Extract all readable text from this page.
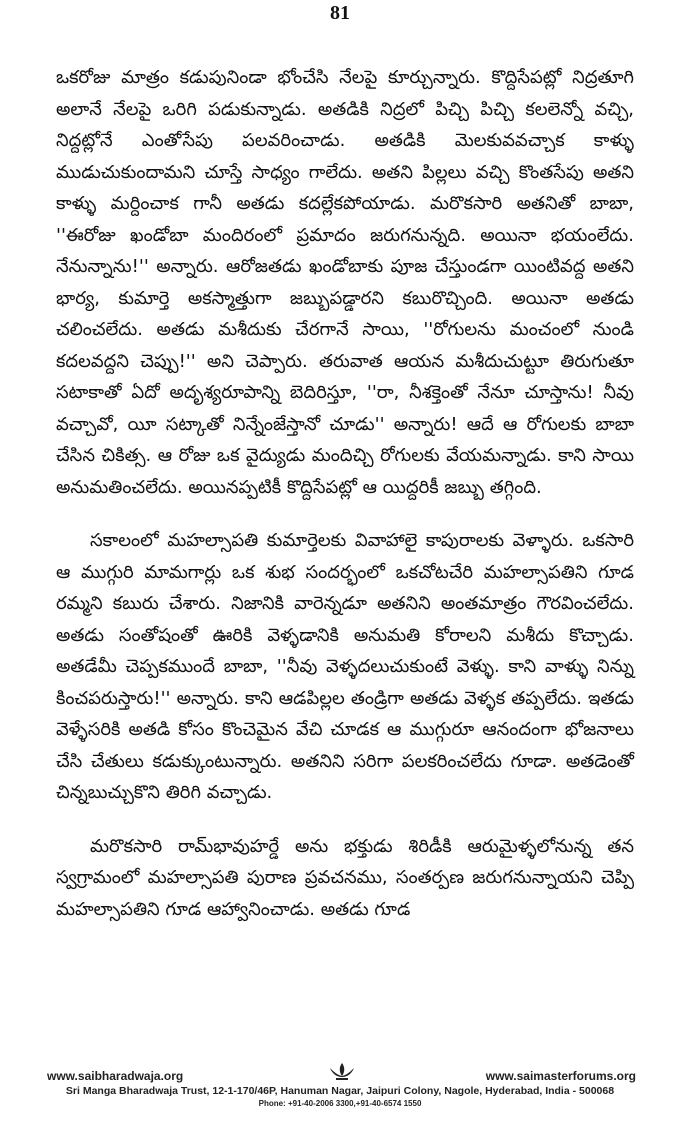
81

ఒకరోజు మాత్రం కడుపునిండా భోంచేసి నేలపై కూర్చున్నారు. కొద్దిసేపట్లో నిద్రతూగి అలానే నేలపై ఒరిగి పడుకున్నాడు. అతడికి నిద్రలో పిచ్చి పిచ్చి కలలెన్నో వచ్చి, నిద్దట్లోనే ఎంతోసేపు పలవరించాడు. అతడికి మెలకువవచ్చాక కాళ్ళు ముడుచుకుందామని చూస్తే సాధ్యం గాలేదు. అతని పిల్లలు వచ్చి కొంతసేపు అతని కాళ్ళు మర్దించాక గానీ అతడు కదల్లేకపోయాడు. మరొకసారి అతనితో బాబా, ''ఈరోజు ఖండోబా మందిరంలో ప్రమాదం జరుగనున్నది. అయినా భయంలేదు. నేనున్నాను!'' అన్నారు. ఆరోజతడు ఖండోబాకు పూజ చేస్తుండగా యింటివద్ద అతని భార్య, కుమార్తె అకస్మాత్తుగా జబ్బుపడ్డారని కబురొచ్చింది. అయినా అతడు చలించలేదు. అతడు మశీదుకు చేరగానే సాయి, ''రోగులను మంచంలో నుండి కదలవద్దని చెప్పు!'' అని చెప్పారు. తరువాత ఆయన మశీదుచుట్టూ తిరుగుతూ సటాకాతో ఏదో అదృశ్యరూపాన్ని బెదిరిస్తూ, ''రా, నీశక్తెంతో నేనూ చూస్తాను! నీవు వచ్చావో, యీ సట్కాతో నిన్నేంజేస్తానో చూడు'' అన్నారు! ఆదే ఆ రోగులకు బాబా చేసిన చికిత్స. ఆ రోజు ఒక వైద్యుడు మందిచ్చి రోగులకు వేయమన్నాడు. కాని సాయి అనుమతించలేదు. అయినప్పటికీ కొద్దిసేపట్లో ఆ యిద్దరికీ జబ్బు తగ్గింది.

సకాలంలో మహల్సాపతి కుమార్తెలకు వివాహాలై కాపురాలకు వెళ్ళారు. ఒకసారి ఆ ముగ్గురి మామగార్లు ఒక శుభ సందర్భంలో ఒకచోటచేరి మహల్సాపతిని గూడ రమ్మని కబురు చేశారు. నిజానికి వారెన్నడూ అతనిని అంతమాత్రం గౌరవించలేదు. అతడు సంతోషంతో ఊరికి వెళ్ళడానికి అనుమతి కోరాలని మశీదు కొచ్చాడు. అతడేమీ చెప్పకముందే బాబా, ''నీవు వెళ్ళదలుచుకుంటే వెళ్ళు. కాని వాళ్ళు నిన్ను కించపరుస్తారు!'' అన్నారు. కాని ఆడపిల్లల తండ్రిగా అతడు వెళ్ళక తప్పలేదు. ఇతడు వెళ్ళేసరికి అతడి కోసం కొంచెమైన వేచి చూడక ఆ ముగ్గురూ ఆనందంగా భోజనాలు చేసి చేతులు కడుక్కుంటున్నారు. అతనిని సరిగా పలకరించలేదు గూడా. అతడెంతో చిన్నబుచ్చుకొని తిరిగి వచ్చాడు.

మరొకసారి రామ్‌భావుహర్డే అను భక్తుడు శిరిడీకి ఆరుమైళ్ళలోనున్న తన స్వగ్రామంలో మహల్సాపతి పురాణ ప్రవచనము, సంతర్పణ జరుగనున్నాయని చెప్పి మహల్సాపతిని గూడ ఆహ్వానించాడు. అతడు గూడ

www.saibharadwaja.org	www.saimasterforums.org
Sri Manga Bharadwaja Trust, 12-1-170/46P, Hanuman Nagar, Jaipuri Colony, Nagole, Hyderabad, India - 500068
Phone: +91-40-2006 3300,+91-40-6574 1550
